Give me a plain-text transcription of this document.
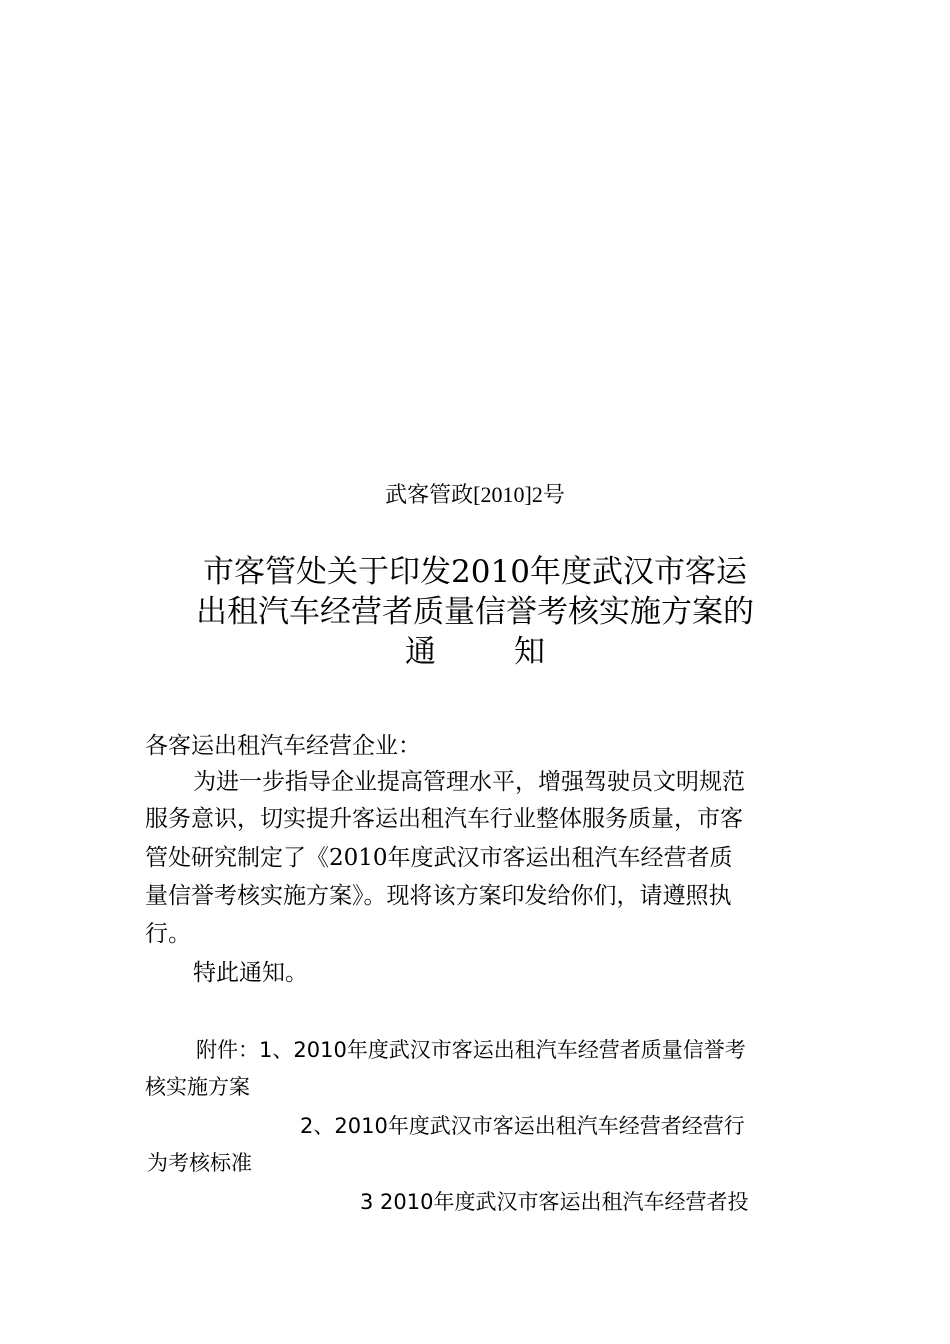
武客管政[2010]2号
市客管处关于印发2010年度武汉市客运
出租汽车经营者质量信誉考核实施方案的
通	知
各客运出租汽车经营企业：
为进一步指导企业提高管理水平，增强驾驶员文明规范
服务意识，切实提升客运出租汽车行业整体服务质量，市客
管处研究制定了《2010年度武汉市客运出租汽车经营者质
量信誉考核实施方案》。现将该方案印发给你们，请遵照执
行。
特此通知。
附件：1、2010年度武汉市客运出租汽车经营者质量信誉考
核实施方案
2、2010年度武汉市客运出租汽车经营者经营行
为考核标准
3 2010年度武汉市客运出租汽车经营者投
